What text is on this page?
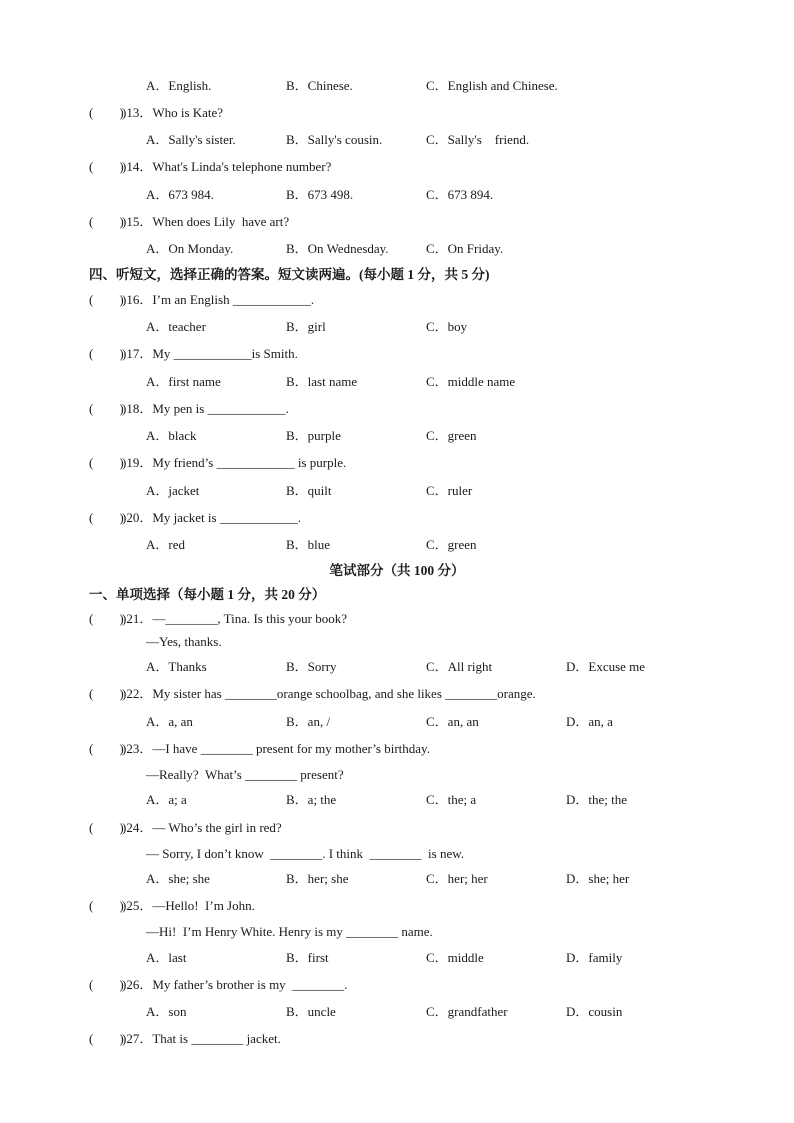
A．English.	B．Chinese.	C．English and Chinese.
(        )
)13．Who is Kate?
A．Sally's sister.	B．Sally's cousin.	C．Sally's    friend.
(        )
)14．What's Linda's telephone number?
A．673 984.	B．673 498.	C．673 894.
(        )
)15．When does Lily  have art?
A．On Monday.	B．On Wednesday.	C．On Friday.
四、听短文，选择正确的答案。短文读两遍。(每小题 1 分，共 5 分)
(        )
)16．I’m an English ____________.
A．teacher	B．girl	C．boy
(        )
)17．My ____________is Smith.
A．first name	B．last name	C．middle name
(        )
)18．My pen is ____________.
A．black	B．purple	C．green
(        )
)19．My friend’s ____________ is purple.
A．jacket	B．quilt	C．ruler
(        )
)20．My jacket is ____________.
A．red	B．blue	C．green
笔试部分（共 100 分）
一、单项选择（每小题 1 分，共 20 分）
(        )
)21．—________, Tina. Is this your book?
—Yes, thanks.
A．Thanks	B．Sorry	C．All right	D．Excuse me
(        )
)22．My sister has ________orange schoolbag, and she likes ________orange.
A．a, an	B．an, /	C．an, an	D．an, a
(        )
)23．—I have ________ present for my mother’s birthday.
—Really?  What’s ________ present?
A．a; a	B．a; the	C．the; a	D．the; the
(        )
)24．— Who’s the girl in red?
— Sorry, I don’t know  ________. I think  ________  is new.
A．she; she	B．her; she	C．her; her	D．she; her
(        )
)25．—Hello!  I’m John.
—Hi!  I’m Henry White. Henry is my ________ name.
A．last	B．first	C．middle	D．family
(        )
)26．My father’s brother is my  ________.
A．son	B．uncle	C．grandfather	D．cousin
(        )
)27．That is ________ jacket.
